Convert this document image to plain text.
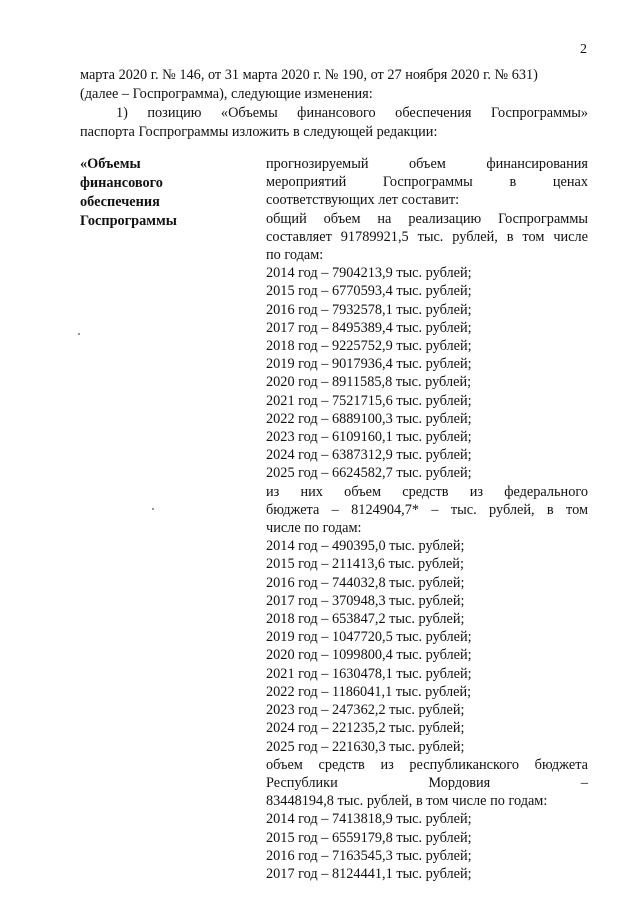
2
марта 2020 г. № 146, от 31 марта 2020 г. № 190, от 27 ноября 2020 г. № 631)
(далее – Госпрограмма), следующие изменения:
1) позицию «Объемы финансового обеспечения Госпрограммы»
паспорта Госпрограммы изложить в следующей редакции:
«Объемы
финансового
обеспечения
Госпрограммы
прогнозируемый объем финансирования
мероприятий Госпрограммы в ценах
соответствующих лет составит:
общий объем на реализацию Госпрограммы
составляет 91789921,5 тыс. рублей, в том числе
по годам:
2014 год – 7904213,9 тыс. рублей;
2015 год – 6770593,4 тыс. рублей;
2016 год – 7932578,1 тыс. рублей;
2017 год – 8495389,4 тыс. рублей;
2018 год – 9225752,9 тыс. рублей;
2019 год – 9017936,4 тыс. рублей;
2020 год – 8911585,8 тыс. рублей;
2021 год – 7521715,6 тыс. рублей;
2022 год – 6889100,3 тыс. рублей;
2023 год – 6109160,1 тыс. рублей;
2024 год – 6387312,9 тыс. рублей;
2025 год – 6624582,7 тыс. рублей;
из них объем средств из федерального
бюджета – 8124904,7* – тыс. рублей, в том
числе по годам:
2014 год – 490395,0 тыс. рублей;
2015 год – 211413,6 тыс. рублей;
2016 год – 744032,8 тыс. рублей;
2017 год – 370948,3 тыс. рублей;
2018 год – 653847,2 тыс. рублей;
2019 год – 1047720,5 тыс. рублей;
2020 год – 1099800,4 тыс. рублей;
2021 год – 1630478,1 тыс. рублей;
2022 год – 1186041,1 тыс. рублей;
2023 год – 247362,2 тыс. рублей;
2024 год – 221235,2 тыс. рублей;
2025 год – 221630,3 тыс. рублей;
объем средств из республиканского бюджета
Республики Мордовия –
83448194,8 тыс. рублей, в том числе по годам:
2014 год – 7413818,9 тыс. рублей;
2015 год – 6559179,8 тыс. рублей;
2016 год – 7163545,3 тыс. рублей;
2017 год – 8124441,1 тыс. рублей;
